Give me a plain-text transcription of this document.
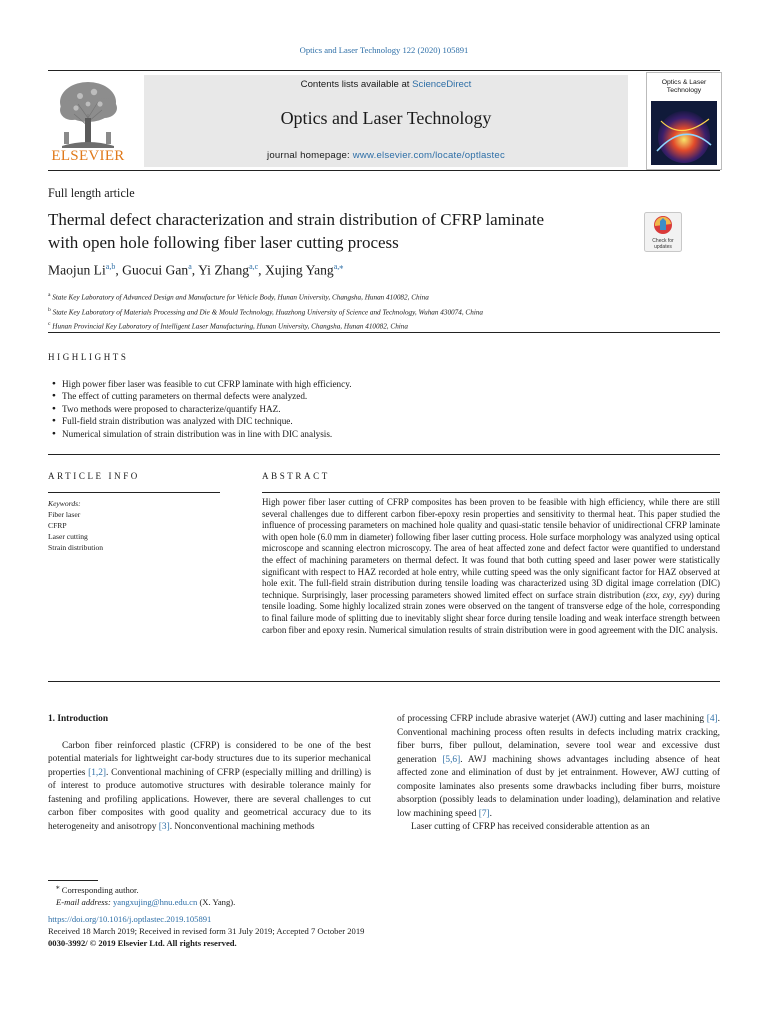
Optics and Laser Technology 122 (2020) 105891
ELSEVIER
Contents lists available at ScienceDirect
Optics and Laser Technology
journal homepage: www.elsevier.com/locate/optlastec
Optics & Laser
Technology
Full length article
Thermal defect characterization and strain distribution of CFRP laminate
with open hole following fiber laser cutting process	Check for
updates
Maojun Li$^{a,b}$, Guocui Gan$^a$, Yi Zhang$^{a,c}$, Xujing Yang$^{a,⁎}$
$^a$ State Key Laboratory of Advanced Design and Manufacture for Vehicle Body, Hunan University, Changsha, Hunan 410082, China
$^b$ State Key Laboratory of Materials Processing and Die & Mould Technology, Huazhong University of Science and Technology, Wuhan 430074, China
$^c$ Hunan Provincial Key Laboratory of Intelligent Laser Manufacturing, Hunan University, Changsha, Hunan 410082, China
HIGHLIGHTS
● High power fiber laser was feasible to cut CFRP laminate with high efficiency.
● The effect of cutting parameters on thermal defects were analyzed.
● Two methods were proposed to characterize/quantify HAZ.
● Full-field strain distribution was analyzed with DIC technique.
● Numerical simulation of strain distribution was in line with DIC analysis.
ARTICLE INFO	ABSTRACT
Keywords:
Fiber laser
CFRP
Laser cutting
Strain distribution

High power fiber laser cutting of CFRP composites has been proven to be feasible with high efficiency, while there are still several challenges due to different carbon fiber-epoxy resin properties and sensitivity to thermal heat. This paper studied the influence of processing parameters on machined hole quality and quasi-static tensile behavior of unidirectional CFRP laminate with open hole (6.0 mm in diameter) following fiber laser cutting process. Hole surface morphology was analyzed using optical microscope and scanning electron microscopy. The area of heat affected zone and defect factor were quantified to understand the effect of machining parameters on thermal defect. It was found that both cutting speed and laser power were statistically significant with respect to HAZ recorded at hole entry, while cutting speed was the only significant factor for HAZ observed at hole exit. The full-field strain distribution during tensile loading was characterized using 3D digital image correlation (DIC) technique. Surprisingly, laser processing parameters showed limited effect on surface strain distribution (εxx, εxy, εyy) during tensile loading. Some highly localized strain zones were observed on the tangent of transverse edge of the hole, corresponding to final failure mode of splitting due to inevitably slight shear force during tensile loading and weak interface strength between carbon fiber and epoxy resin. Numerical simulation results of strain distribution were in good agreement with the DIC analysis.

1. Introduction

Carbon fiber reinforced plastic (CFRP) is considered to be one of the best potential materials for lightweight car-body structures due to its superior mechanical properties [1,2]. Conventional machining of CFRP (especially milling and drilling) is of interest to produce automotive structures with desirable tolerance mainly for fastening and profiling applications. However, there are several challenges to cut carbon fiber composites with good quality and geometrical accuracy due to its heterogeneity and anisotropy [3]. Nonconventional machining methods

of processing CFRP include abrasive waterjet (AWJ) cutting and laser machining [4]. Conventional machining process often results in defects including matrix cracking, fiber burrs, fiber pullout, delamination, severe tool wear and excessive dust generation [5,6]. AWJ machining shows advantages including absence of heat affected zone and elimination of dust by jet entrainment. However, AWJ cutting of composite laminates also presents some drawbacks including fiber burrs, moisture absorption (possibly leads to delamination under loading), delamination and relative low machining speed [7].

Laser cutting of CFRP has received considerable attention as an

⁎ Corresponding author.
E-mail address: yangxujing@hnu.edu.cn (X. Yang).
https://doi.org/10.1016/j.optlastec.2019.105891
Received 18 March 2019; Received in revised form 31 July 2019; Accepted 7 October 2019
0030-3992/ © 2019 Elsevier Ltd. All rights reserved.
